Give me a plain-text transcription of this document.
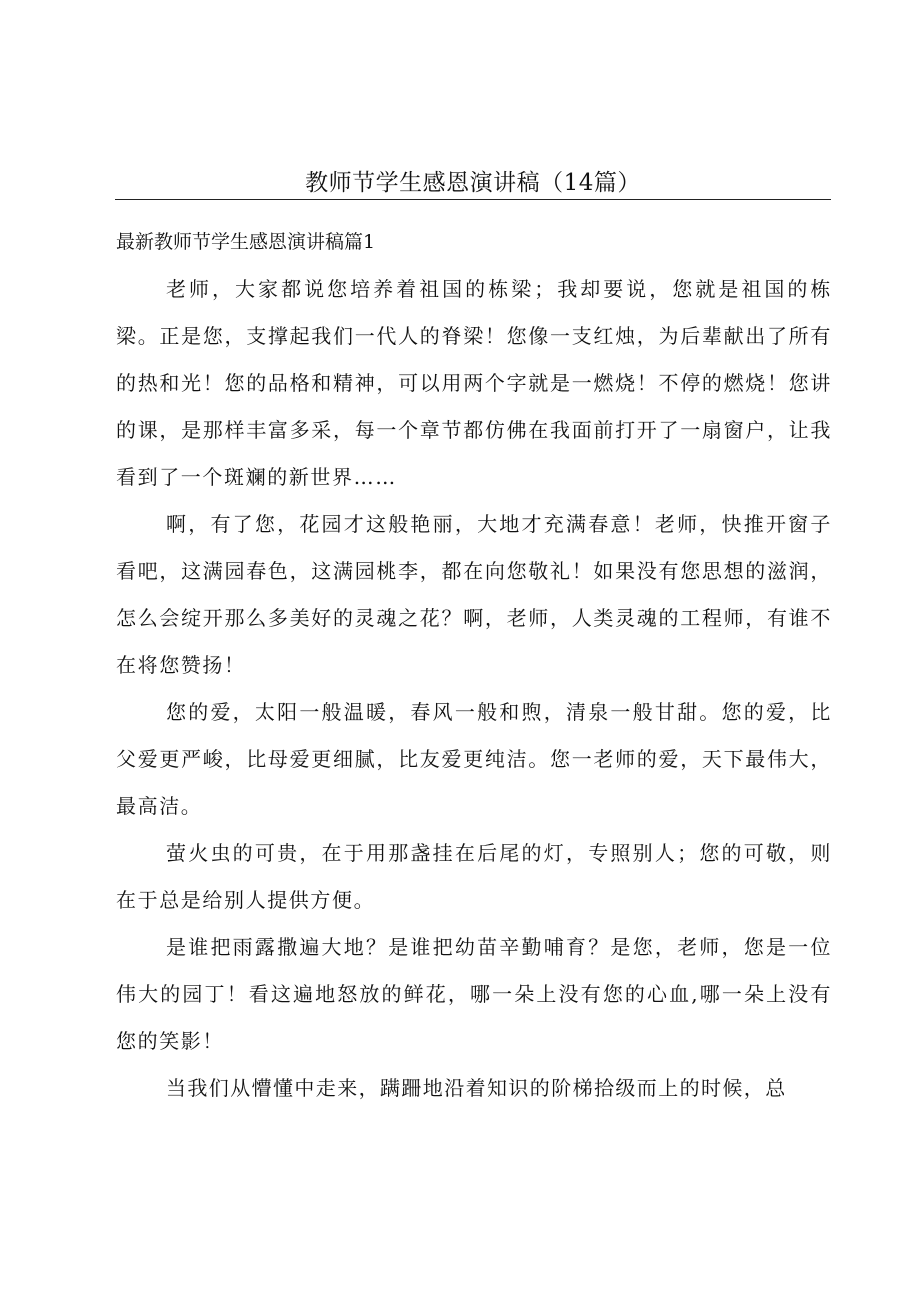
教师节学生感恩演讲稿（14篇）
最新教师节学生感恩演讲稿篇1

老师，大家都说您培养着祖国的栋梁；我却要说，您就是祖国的栋梁。正是您，支撑起我们一代人的脊梁！您像一支红烛，为后辈献出了所有的热和光！您的品格和精神，可以用两个字就是一燃烧！不停的燃烧！您讲的课，是那样丰富多采，每一个章节都仿佛在我面前打开了一扇窗户，让我看到了一个斑斓的新世界……

啊，有了您，花园才这般艳丽，大地才充满春意！老师，快推开窗子看吧，这满园春色，这满园桃李，都在向您敬礼！如果没有您思想的滋润，怎么会绽开那么多美好的灵魂之花？啊，老师，人类灵魂的工程师，有谁不在将您赞扬！

您的爱，太阳一般温暖，春风一般和煦，清泉一般甘甜。您的爱，比父爱更严峻，比母爱更细腻，比友爱更纯洁。您一老师的爱，天下最伟大，最高洁。

萤火虫的可贵，在于用那盏挂在后尾的灯，专照别人；您的可敬，则在于总是给别人提供方便。

是谁把雨露撒遍大地？是谁把幼苗辛勤哺育？是您，老师，您是一位伟大的园丁！看这遍地怒放的鲜花，哪一朵上没有您的心血,哪一朵上没有您的笑影！

当我们从懵懂中走来，蹒跚地沿着知识的阶梯拾级而上的时候，总
